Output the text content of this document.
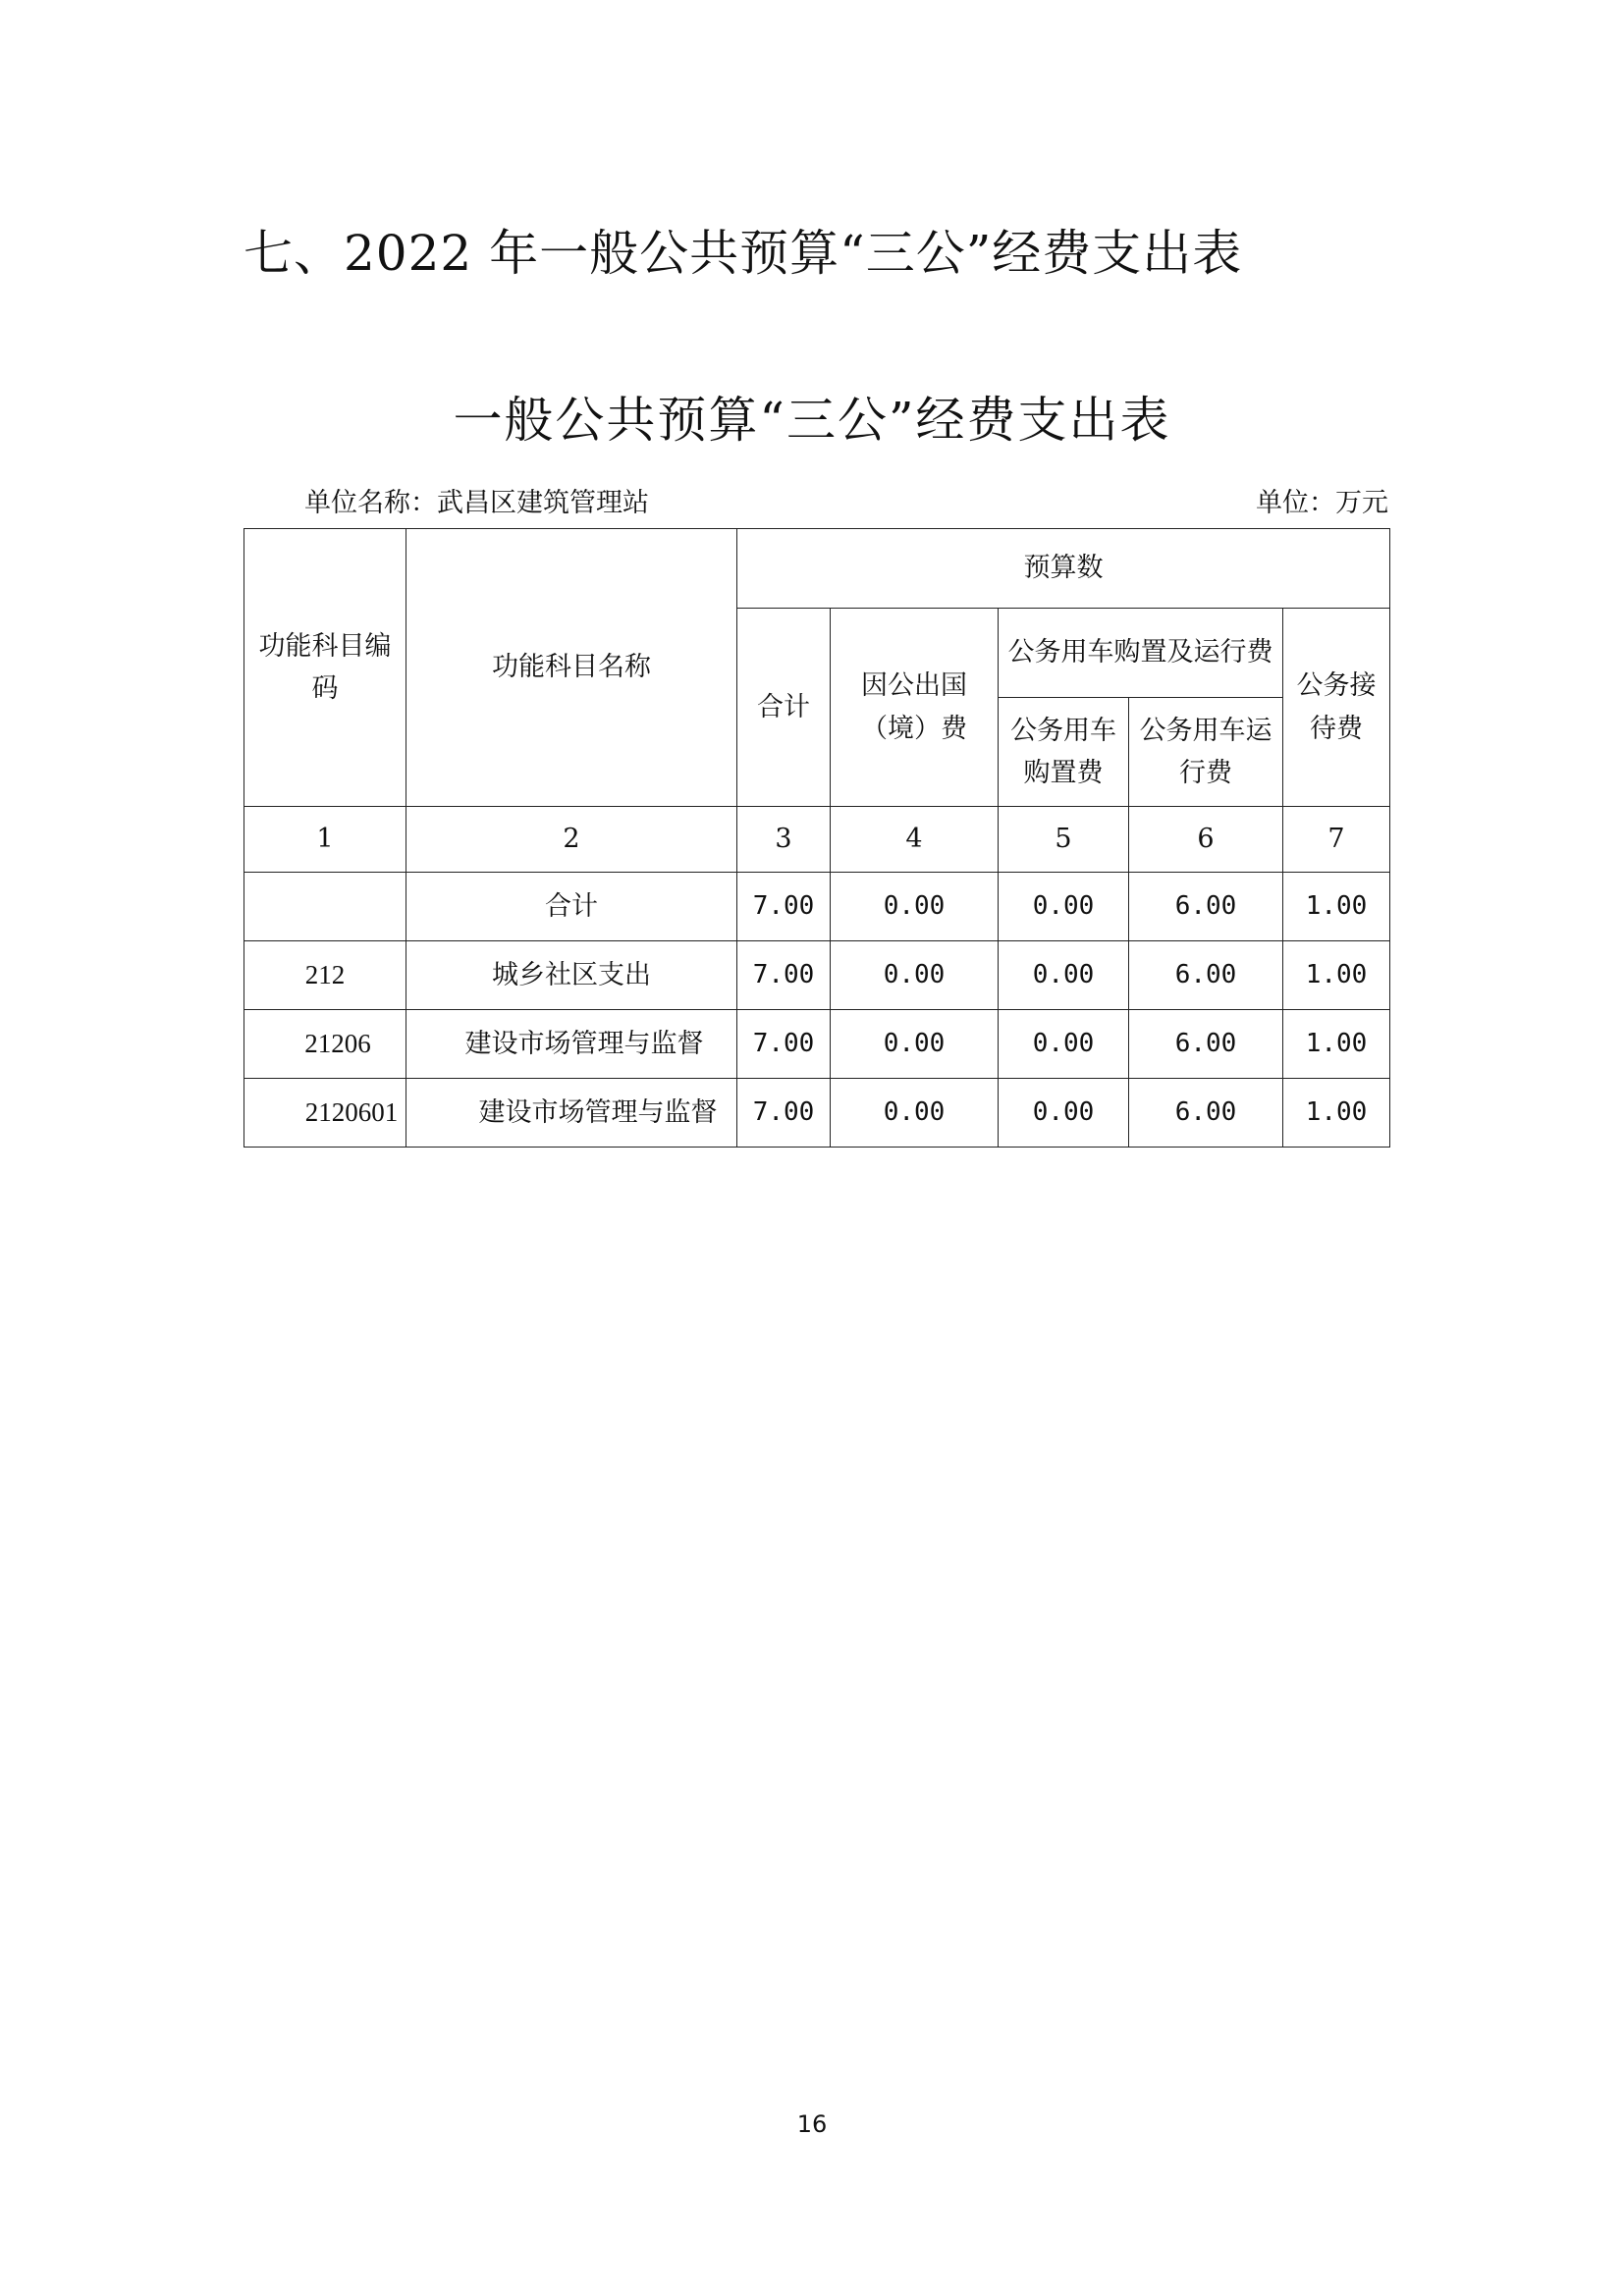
七、2022 年一般公共预算“三公”经费支出表
一般公共预算“三公”经费支出表
单位名称：武昌区建筑管理站	单位：万元
功能科目编码	功能科目名称	预算数				
		合计	因公出国（境）费	公务用车购置及运行费		公务接待费
				公务用车购置费	公务用车运行费	
1	2	3	4	5	6	7
	合计	7.00	0.00	0.00	6.00	1.00
212	城乡社区支出	7.00	0.00	0.00	6.00	1.00
21206	建设市场管理与监督	7.00	0.00	0.00	6.00	1.00
2120601	建设市场管理与监督	7.00	0.00	0.00	6.00	1.00
16
